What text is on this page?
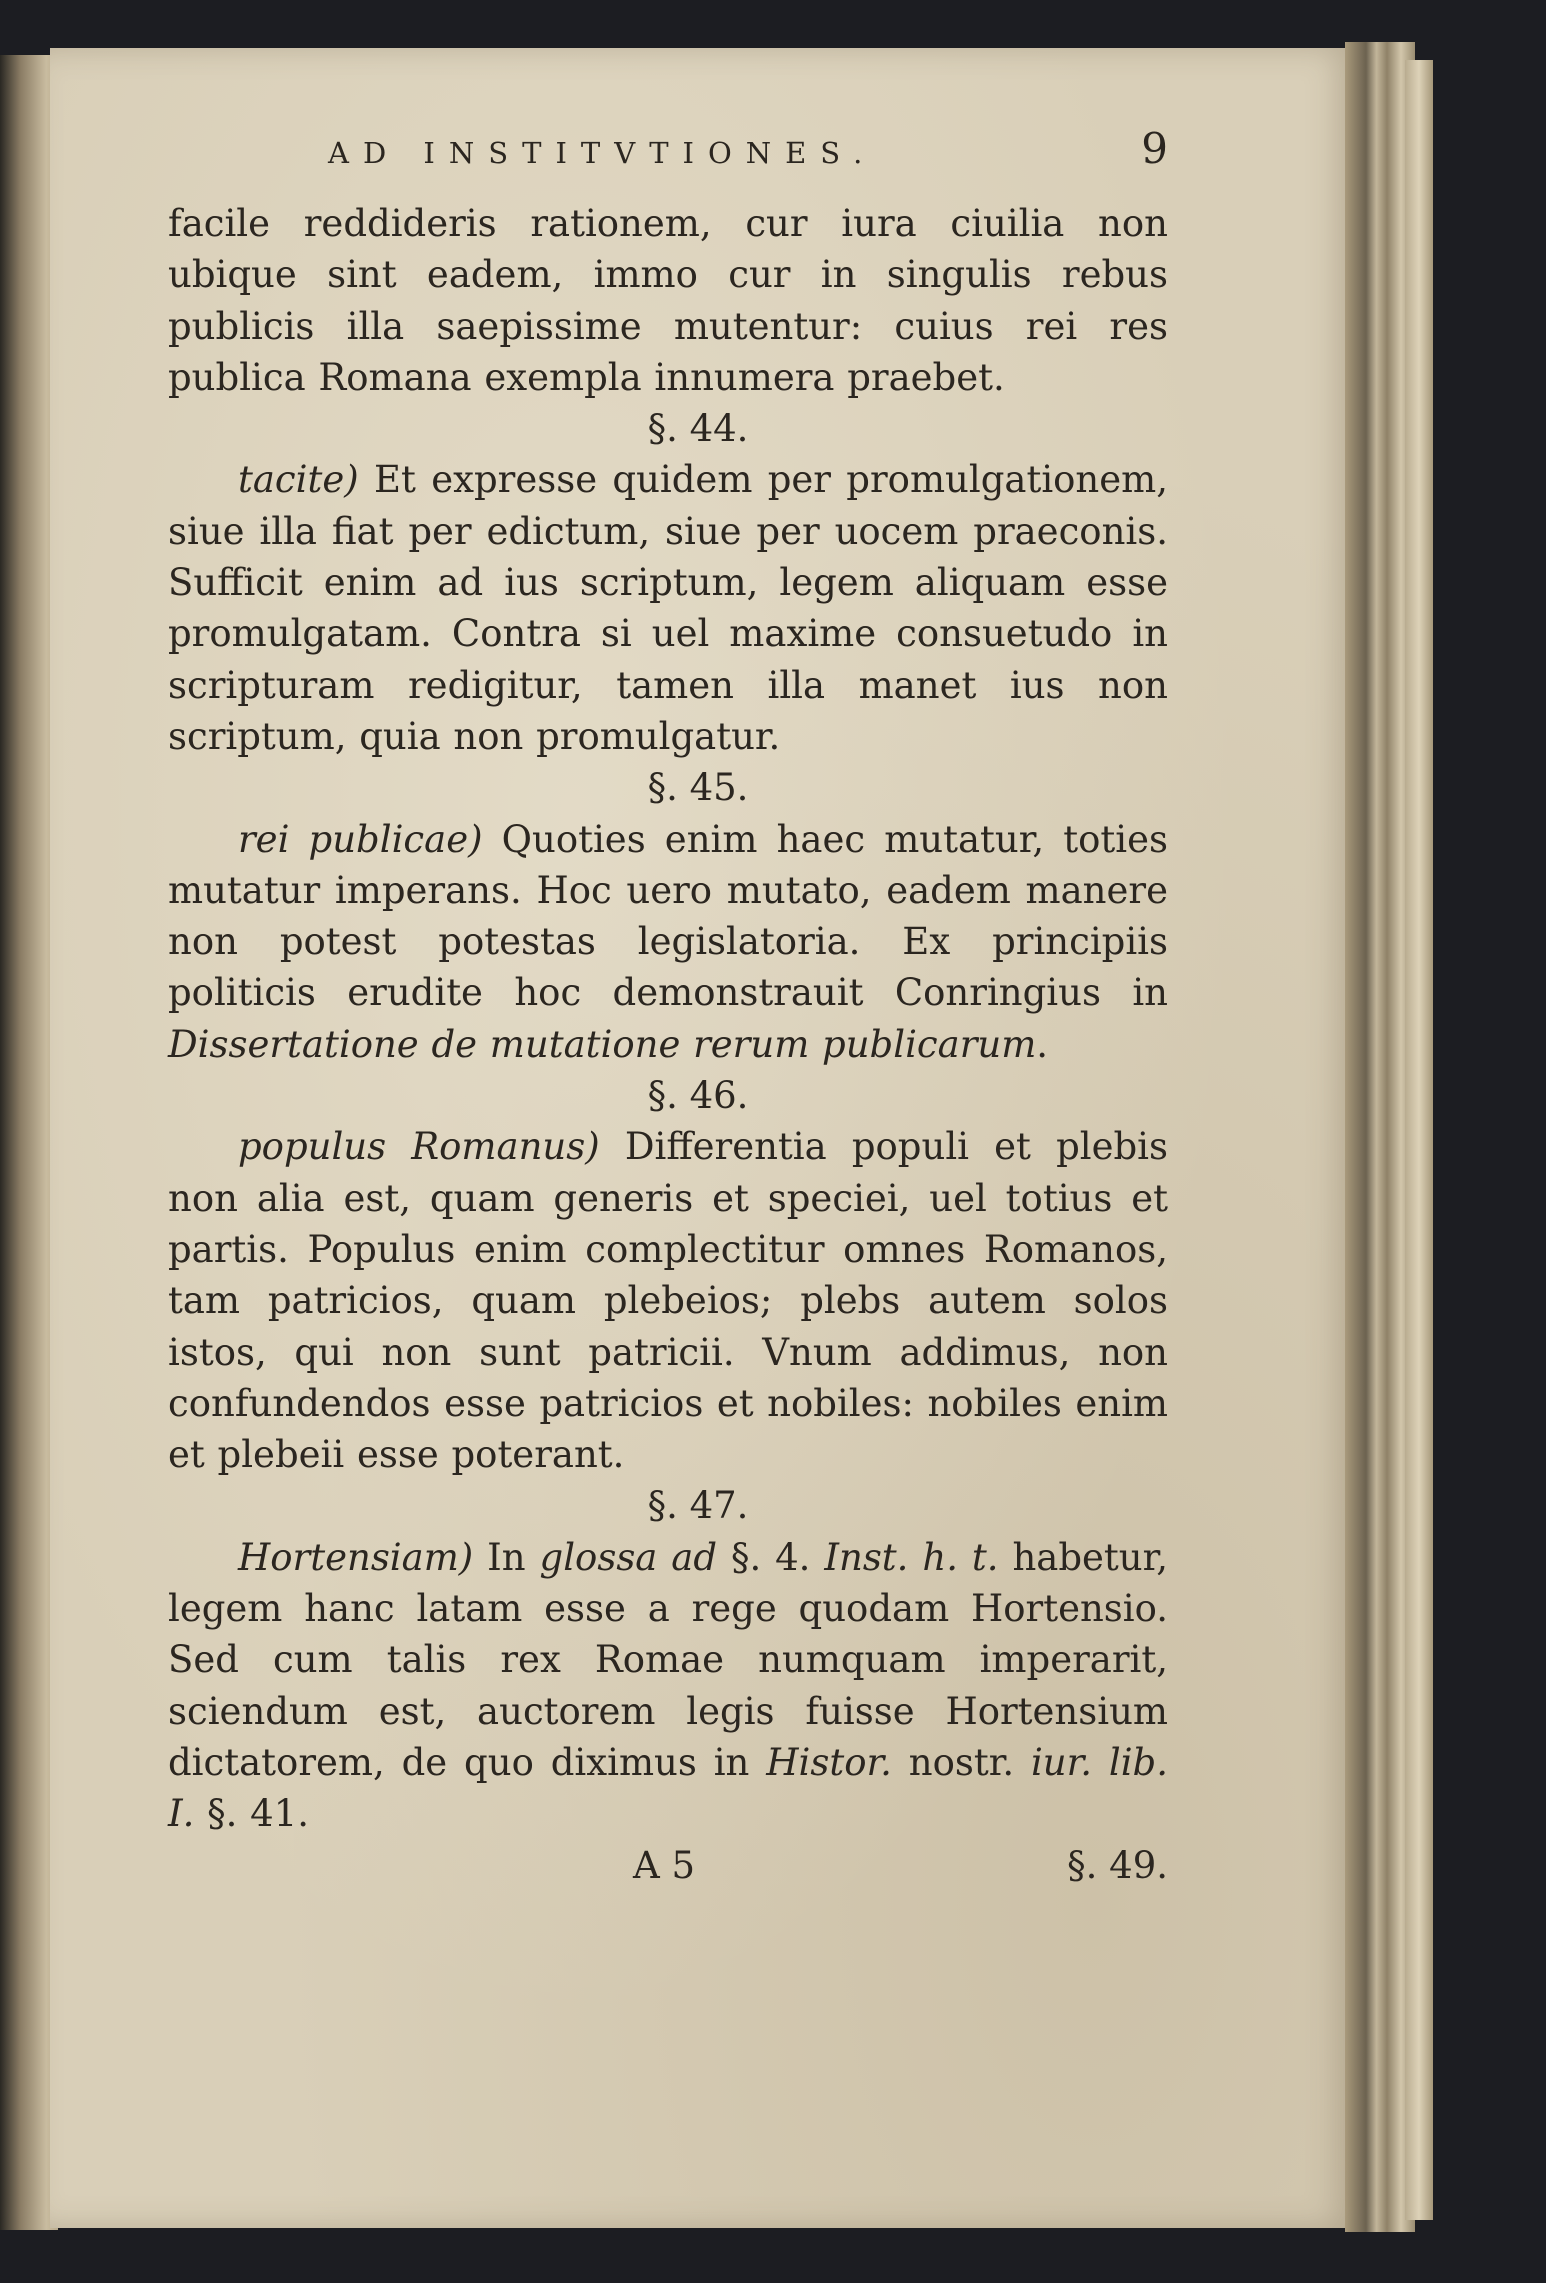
AD INSTITVTIONES.	9

facile reddideris rationem, cur iura ciuilia non ubique sint eadem, immo cur in singulis rebus publicis illa saepissime mutentur: cuius rei res publica Romana exempla innumera praebet.

§. 44.

tacite) Et expresse quidem per promulgationem, siue illa fiat per edictum, siue per uocem praeconis. Sufficit enim ad ius scriptum, legem aliquam esse promulgatam. Contra si uel maxime consuetudo in scripturam redigitur, tamen illa manet ius non scriptum, quia non promulgatur.

§. 45.

rei publicae) Quoties enim haec mutatur, toties mutatur imperans. Hoc uero mutato, eadem manere non potest potestas legislatoria. Ex principiis politicis erudite hoc demonstrauit Conringius in Dissertatione de mutatione rerum publicarum.

§. 46.

populus Romanus) Differentia populi et plebis non alia est, quam generis et speciei, uel totius et partis. Populus enim complectitur omnes Romanos, tam patricios, quam plebeios; plebs autem solos istos, qui non sunt patricii. Vnum addimus, non confundendos esse patricios et nobiles: nobiles enim et plebeii esse poterant.

§. 47.

Hortensiam) In glossa ad §. 4. Inst. h. t. habetur, legem hanc latam esse a rege quodam Hortensio. Sed cum talis rex Romae numquam imperarit, sciendum est, auctorem legis fuisse Hortensium dictatorem, de quo diximus in Histor. nostr. iur. lib. I. §. 41.

A 5	§. 49.
